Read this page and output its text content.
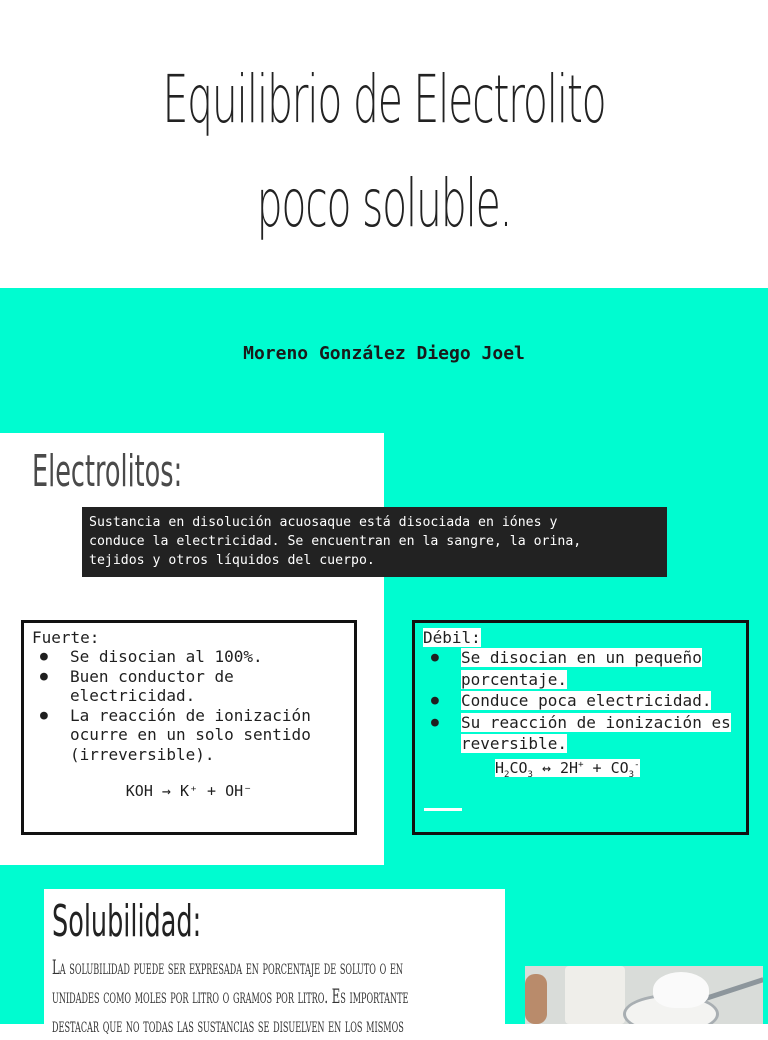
Equilibrio de Electrolito
poco soluble.
Moreno González Diego Joel
Electrolitos:
Sustancia en disolución acuosaque está disociada en iónes y
conduce la electricidad. Se encuentran en la sangre, la orina,
tejidos y otros líquidos del cuerpo.
Fuerte:
● Se disocian al 100%.
● Buen conductor de electricidad.
● La reacción de ionización ocurre en un solo sentido (irreversible).
KOH → K⁺ + OH⁻
Débil:
● Se disocian en un pequeño porcentaje.
● Conduce poca electricidad.
● Su reacción de ionización es reversible.
$H_2CO_3$ ↔ $2H^+ + CO_3^-$
Solubilidad:
La solubilidad puede ser expresada en porcentaje de soluto o en
unidades como moles por litro o gramos por litro. Es importante
destacar que no todas las sustancias se disuelven en los mismos
